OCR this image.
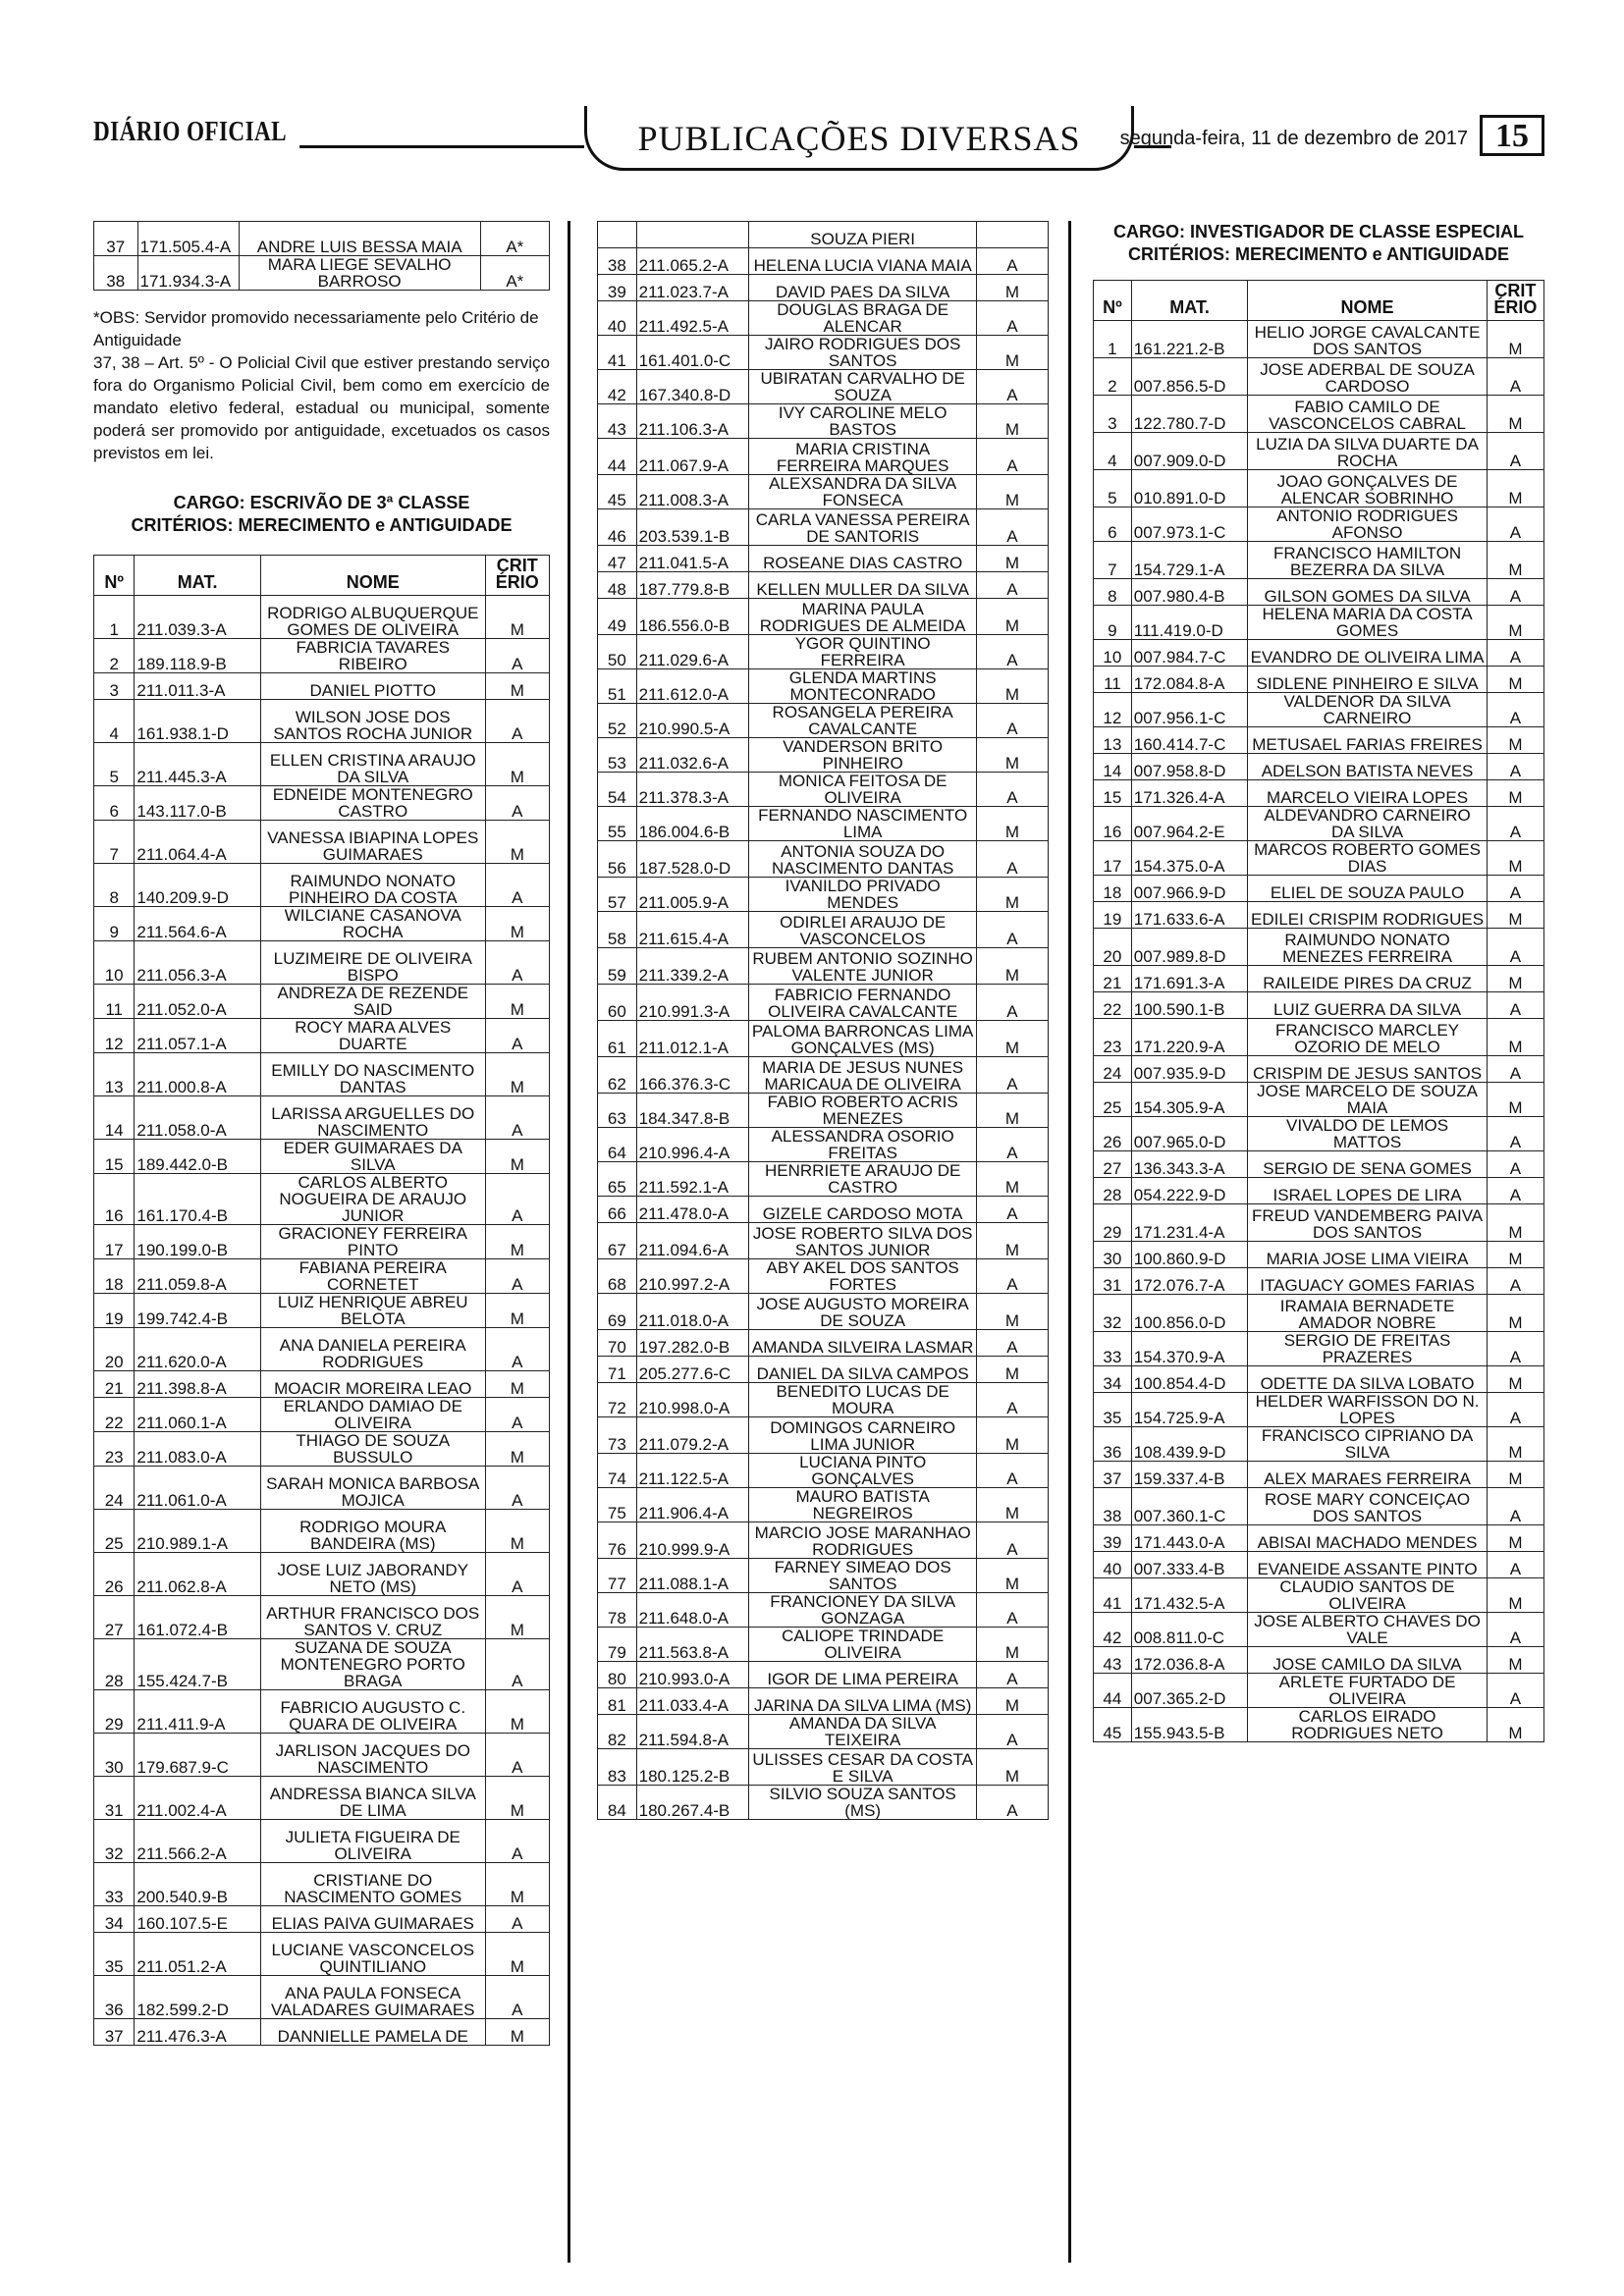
DIÁRIO OFICIAL	PUBLICAÇÕES DIVERSAS	segunda-feira, 11 de dezembro de 2017 15
37	171.505.4-A	ANDRE LUIS BESSA MAIA	A*
38	171.934.3-A	MARA LIEGE SEVALHO BARROSO	A*

*OBS: Servidor promovido necessariamente pelo Critério de Antiguidade

37, 38 – Art. 5º - O Policial Civil que estiver prestando serviço fora do Organismo Policial Civil, bem como em exercício de mandato eletivo federal, estadual ou municipal, somente poderá ser promovido por antiguidade, excetuados os casos previstos em lei.

CARGO: ESCRIVÃO DE 3ª CLASSE

CRITÉRIOS: MERECIMENTO e ANTIGUIDADE

Nº	MAT.	NOME	CRIT ÉRIO
1	211.039.3-A	RODRIGO ALBUQUERQUE GOMES DE OLIVEIRA	M
2	189.118.9-B	FABRICIA TAVARES RIBEIRO	A
3	211.011.3-A	DANIEL PIOTTO	M
4	161.938.1-D	WILSON JOSE DOS SANTOS ROCHA JUNIOR	A
5	211.445.3-A	ELLEN CRISTINA ARAUJO DA SILVA	M
6	143.117.0-B	EDNEIDE MONTENEGRO CASTRO	A
7	211.064.4-A	VANESSA IBIAPINA LOPES GUIMARAES	M
8	140.209.9-D	RAIMUNDO NONATO PINHEIRO DA COSTA	A
9	211.564.6-A	WILCIANE CASANOVA ROCHA	M
10	211.056.3-A	LUZIMEIRE DE OLIVEIRA BISPO	A
11	211.052.0-A	ANDREZA DE REZENDE SAID	M
12	211.057.1-A	ROCY MARA ALVES DUARTE	A
13	211.000.8-A	EMILLY DO NASCIMENTO DANTAS	M
14	211.058.0-A	LARISSA ARGUELLES DO NASCIMENTO	A
15	189.442.0-B	EDER GUIMARAES DA SILVA	M
16	161.170.4-B	CARLOS ALBERTO NOGUEIRA DE ARAUJO JUNIOR	A
17	190.199.0-B	GRACIONEY FERREIRA PINTO	M
18	211.059.8-A	FABIANA PEREIRA CORNETET	A
19	199.742.4-B	LUIZ HENRIQUE ABREU BELOTA	M
20	211.620.0-A	ANA DANIELA PEREIRA RODRIGUES	A
21	211.398.8-A	MOACIR MOREIRA LEAO	M
22	211.060.1-A	ERLANDO DAMIAO DE OLIVEIRA	A
23	211.083.0-A	THIAGO DE SOUZA BUSSULO	M
24	211.061.0-A	SARAH MONICA BARBOSA MOJICA	A
25	210.989.1-A	RODRIGO MOURA BANDEIRA (MS)	M
26	211.062.8-A	JOSE LUIZ JABORANDY NETO (MS)	A
27	161.072.4-B	ARTHUR FRANCISCO DOS SANTOS V. CRUZ	M
28	155.424.7-B	SUZANA DE SOUZA MONTENEGRO PORTO BRAGA	A
29	211.411.9-A	FABRICIO AUGUSTO C. QUARA DE OLIVEIRA	M
30	179.687.9-C	JARLISON JACQUES DO NASCIMENTO	A
31	211.002.4-A	ANDRESSA BIANCA SILVA DE LIMA	M
32	211.566.2-A	JULIETA FIGUEIRA DE OLIVEIRA	A
33	200.540.9-B	CRISTIANE DO NASCIMENTO GOMES	M
34	160.107.5-E	ELIAS PAIVA GUIMARAES	A
35	211.051.2-A	LUCIANE VASCONCELOS QUINTILIANO	M
36	182.599.2-D	ANA PAULA FONSECA VALADARES GUIMARAES	A
37	211.476.3-A	DANNIELLE PAMELA DE	M
		SOUZA PIERI	
38	211.065.2-A	HELENA LUCIA VIANA MAIA	A
39	211.023.7-A	DAVID PAES DA SILVA	M
40	211.492.5-A	DOUGLAS BRAGA DE ALENCAR	A
41	161.401.0-C	JAIRO RODRIGUES DOS SANTOS	M
42	167.340.8-D	UBIRATAN CARVALHO DE SOUZA	A
43	211.106.3-A	IVY CAROLINE MELO BASTOS	M
44	211.067.9-A	MARIA CRISTINA FERREIRA MARQUES	A
45	211.008.3-A	ALEXSANDRA DA SILVA FONSECA	M
46	203.539.1-B	CARLA VANESSA PEREIRA DE SANTORIS	A
47	211.041.5-A	ROSEANE DIAS CASTRO	M
48	187.779.8-B	KELLEN MULLER DA SILVA	A
49	186.556.0-B	MARINA PAULA RODRIGUES DE ALMEIDA	M
50	211.029.6-A	YGOR QUINTINO FERREIRA	A
51	211.612.0-A	GLENDA MARTINS MONTECONRADO	M
52	210.990.5-A	ROSANGELA PEREIRA CAVALCANTE	A
53	211.032.6-A	VANDERSON BRITO PINHEIRO	M
54	211.378.3-A	MONICA FEITOSA DE OLIVEIRA	A
55	186.004.6-B	FERNANDO NASCIMENTO LIMA	M
56	187.528.0-D	ANTONIA SOUZA DO NASCIMENTO DANTAS	A
57	211.005.9-A	IVANILDO PRIVADO MENDES	M
58	211.615.4-A	ODIRLEI ARAUJO DE VASCONCELOS	A
59	211.339.2-A	RUBEM ANTONIO SOZINHO VALENTE JUNIOR	M
60	210.991.3-A	FABRICIO FERNANDO OLIVEIRA CAVALCANTE	A
61	211.012.1-A	PALOMA BARRONCAS LIMA GONÇALVES (MS)	M
62	166.376.3-C	MARIA DE JESUS NUNES MARICAUA DE OLIVEIRA	A
63	184.347.8-B	FABIO ROBERTO ACRIS MENEZES	M
64	210.996.4-A	ALESSANDRA OSORIO FREITAS	A
65	211.592.1-A	HENRRIETE ARAUJO DE CASTRO	M
66	211.478.0-A	GIZELE CARDOSO MOTA	A
67	211.094.6-A	JOSE ROBERTO SILVA DOS SANTOS JUNIOR	M
68	210.997.2-A	ABY AKEL DOS SANTOS FORTES	A
69	211.018.0-A	JOSE AUGUSTO MOREIRA DE SOUZA	M
70	197.282.0-B	AMANDA SILVEIRA LASMAR	A
71	205.277.6-C	DANIEL DA SILVA CAMPOS	M
72	210.998.0-A	BENEDITO LUCAS DE MOURA	A
73	211.079.2-A	DOMINGOS CARNEIRO LIMA JUNIOR	M
74	211.122.5-A	LUCIANA PINTO GONÇALVES	A
75	211.906.4-A	MAURO BATISTA NEGREIROS	M
76	210.999.9-A	MARCIO JOSE MARANHAO RODRIGUES	A
77	211.088.1-A	FARNEY SIMEAO DOS SANTOS	M
78	211.648.0-A	FRANCIONEY DA SILVA GONZAGA	A
79	211.563.8-A	CALIOPE TRINDADE OLIVEIRA	M
80	210.993.0-A	IGOR DE LIMA PEREIRA	A
81	211.033.4-A	JARINA DA SILVA LIMA (MS)	M
82	211.594.8-A	AMANDA DA SILVA TEIXEIRA	A
83	180.125.2-B	ULISSES CESAR DA COSTA E SILVA	M
84	180.267.4-B	SILVIO SOUZA SANTOS (MS)	A

CARGO: INVESTIGADOR DE CLASSE ESPECIAL

CRITÉRIOS: MERECIMENTO e ANTIGUIDADE

Nº	MAT.	NOME	CRIT ÉRIO
1	161.221.2-B	HELIO JORGE CAVALCANTE DOS SANTOS	M
2	007.856.5-D	JOSE ADERBAL DE SOUZA CARDOSO	A
3	122.780.7-D	FABIO CAMILO DE VASCONCELOS CABRAL	M
4	007.909.0-D	LUZIA DA SILVA DUARTE DA ROCHA	A
5	010.891.0-D	JOAO GONÇALVES DE ALENCAR SOBRINHO	M
6	007.973.1-C	ANTONIO RODRIGUES AFONSO	A
7	154.729.1-A	FRANCISCO HAMILTON BEZERRA DA SILVA	M
8	007.980.4-B	GILSON GOMES DA SILVA	A
9	111.419.0-D	HELENA MARIA DA COSTA GOMES	M
10	007.984.7-C	EVANDRO DE OLIVEIRA LIMA	A
11	172.084.8-A	SIDLENE PINHEIRO E SILVA	M
12	007.956.1-C	VALDENOR DA SILVA CARNEIRO	A
13	160.414.7-C	METUSAEL FARIAS FREIRES	M
14	007.958.8-D	ADELSON BATISTA NEVES	A
15	171.326.4-A	MARCELO VIEIRA LOPES	M
16	007.964.2-E	ALDEVANDRO CARNEIRO DA SILVA	A
17	154.375.0-A	MARCOS ROBERTO GOMES DIAS	M
18	007.966.9-D	ELIEL DE SOUZA PAULO	A
19	171.633.6-A	EDILEI CRISPIM RODRIGUES	M
20	007.989.8-D	RAIMUNDO NONATO MENEZES FERREIRA	A
21	171.691.3-A	RAILEIDE PIRES DA CRUZ	M
22	100.590.1-B	LUIZ GUERRA DA SILVA	A
23	171.220.9-A	FRANCISCO MARCLEY OZORIO DE MELO	M
24	007.935.9-D	CRISPIM DE JESUS SANTOS	A
25	154.305.9-A	JOSE MARCELO DE SOUZA MAIA	M
26	007.965.0-D	VIVALDO DE LEMOS MATTOS	A
27	136.343.3-A	SERGIO DE SENA GOMES	A
28	054.222.9-D	ISRAEL LOPES DE LIRA	A
29	171.231.4-A	FREUD VANDEMBERG PAIVA DOS SANTOS	M
30	100.860.9-D	MARIA JOSE LIMA VIEIRA	M
31	172.076.7-A	ITAGUACY GOMES FARIAS	A
32	100.856.0-D	IRAMAIA BERNADETE AMADOR NOBRE	M
33	154.370.9-A	SERGIO DE FREITAS PRAZERES	A
34	100.854.4-D	ODETTE DA SILVA LOBATO	M
35	154.725.9-A	HELDER WARFISSON DO N. LOPES	A
36	108.439.9-D	FRANCISCO CIPRIANO DA SILVA	M
37	159.337.4-B	ALEX MARAES FERREIRA	M
38	007.360.1-C	ROSE MARY CONCEIÇAO DOS SANTOS	A
39	171.443.0-A	ABISAI MACHADO MENDES	M
40	007.333.4-B	EVANEIDE ASSANTE PINTO	A
41	171.432.5-A	CLAUDIO SANTOS DE OLIVEIRA	M
42	008.811.0-C	JOSE ALBERTO CHAVES DO VALE	A
43	172.036.8-A	JOSE CAMILO DA SILVA	M
44	007.365.2-D	ARLETE FURTADO DE OLIVEIRA	A
45	155.943.5-B	CARLOS EIRADO RODRIGUES NETO	M
